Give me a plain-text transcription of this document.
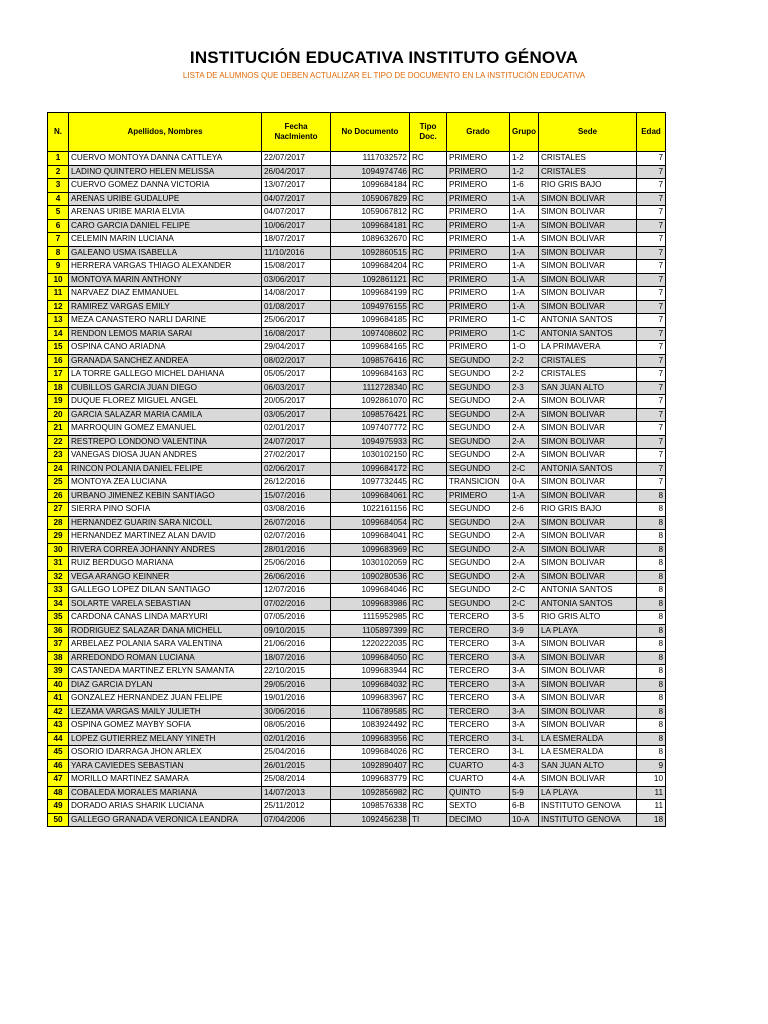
INSTITUCIÓN EDUCATIVA INSTITUTO GÉNOVA
LISTA DE ALUMNOS QUE DEBEN ACTUALIZAR EL TIPO DE DOCUMENTO EN LA INSTITUCIÓN EDUCATIVA
N.	Apellidos, Nombres	Fecha Naclmiento	No Documento	Tipo Doc.	Grado	Grupo	Sede	Edad
1	CUERVO MONTOYA DANNA CATTLEYA	22/07/2017	1117032572	RC	PRIMERO	1-2	CRISTALES	7
2	LADINO QUINTERO HELEN MELISSA	26/04/2017	1094974746	RC	PRIMERO	1-2	CRISTALES	7
3	CUERVO GOMEZ DANNA VICTORIA	13/07/2017	1099684184	RC	PRIMERO	1-6	RIO GRIS BAJO	7
4	ARENAS URIBE GUDALUPE	04/07/2017	1059067829	RC	PRIMERO	1-A	SIMON BOLIVAR	7
5	ARENAS URIBE MARIA ELVIA	04/07/2017	1059067812	RC	PRIMERO	1-A	SIMON BOLIVAR	7
6	CARO GARCIA DANIEL FELIPE	10/06/2017	1099684181	RC	PRIMERO	1-A	SIMON BOLIVAR	7
7	CELEMIN MARIN LUCIANA	18/07/2017	1089632670	RC	PRIMERO	1-A	SIMON BOLIVAR	7
8	GALEANO USMA ISABELLA	11/10/2016	1092860515	RC	PRIMERO	1-A	SIMON BOLIVAR	7
9	HERRERA VARGAS THIAGO ALEXANDER	15/08/2017	1099684204	RC	PRIMERO	1-A	SIMON BOLIVAR	7
10	MONTOYA MARIN ANTHONY	03/06/2017	1092861121	RC	PRIMERO	1-A	SIMON BOLIVAR	7
11	NARVAEZ DIAZ EMMANUEL	14/08/2017	1099684199	RC	PRIMERO	1-A	SIMON BOLIVAR	7
12	RAMIREZ VARGAS EMILY	01/08/2017	1094976155	RC	PRIMERO	1-A	SIMON BOLIVAR	7
13	MEZA CANASTERO NARLI DARINE	25/06/2017	1099684185	RC	PRIMERO	1-C	ANTONIA SANTOS	7
14	RENDON LEMOS MARIA SARAI	16/08/2017	1097408602	RC	PRIMERO	1-C	ANTONIA SANTOS	7
15	OSPINA CANO ARIADNA	29/04/2017	1099684165	RC	PRIMERO	1-O	LA PRIMAVERA	7
16	GRANADA SANCHEZ ANDREA	08/02/2017	1098576416	RC	SEGUNDO	2-2	CRISTALES	7
17	LA TORRE GALLEGO MICHEL DAHIANA	05/05/2017	1099684163	RC	SEGUNDO	2-2	CRISTALES	7
18	CUBILLOS GARCIA JUAN DIEGO	06/03/2017	1112728340	RC	SEGUNDO	2-3	SAN JUAN ALTO	7
19	DUQUE FLOREZ MIGUEL ANGEL	20/05/2017	1092861070	RC	SEGUNDO	2-A	SIMON BOLIVAR	7
20	GARCIA SALAZAR MARIA CAMILA	03/05/2017	1098576421	RC	SEGUNDO	2-A	SIMON BOLIVAR	7
21	MARROQUIN GOMEZ EMANUEL	02/01/2017	1097407772	RC	SEGUNDO	2-A	SIMON BOLIVAR	7
22	RESTREPO LONDONO VALENTINA	24/07/2017	1094975933	RC	SEGUNDO	2-A	SIMON BOLIVAR	7
23	VANEGAS DIOSA JUAN ANDRES	27/02/2017	1030102150	RC	SEGUNDO	2-A	SIMON BOLIVAR	7
24	RINCON POLANIA DANIEL FELIPE	02/06/2017	1099684172	RC	SEGUNDO	2-C	ANTONIA SANTOS	7
25	MONTOYA ZEA LUCIANA	26/12/2016	1097732445	RC	TRANSICION	0-A	SIMON BOLIVAR	7
26	URBANO JIMENEZ KEBIN SANTIAGO	15/07/2016	1099684061	RC	PRIMERO	1-A	SIMON BOLIVAR	8
27	SIERRA PINO SOFIA	03/08/2016	1022161156	RC	SEGUNDO	2-6	RIO GRIS BAJO	8
28	HERNANDEZ GUARIN SARA NICOLL	26/07/2016	1099684054	RC	SEGUNDO	2-A	SIMON BOLIVAR	8
29	HERNANDEZ MARTINEZ ALAN DAVID	02/07/2016	1099684041	RC	SEGUNDO	2-A	SIMON BOLIVAR	8
30	RIVERA CORREA JOHANNY ANDRES	28/01/2016	1099683969	RC	SEGUNDO	2-A	SIMON BOLIVAR	8
31	RUIZ BERDUGO MARIANA	25/06/2016	1030102059	RC	SEGUNDO	2-A	SIMON BOLIVAR	8
32	VEGA ARANGO KEINNER	26/06/2016	1090280536	RC	SEGUNDO	2-A	SIMON BOLIVAR	8
33	GALLEGO LOPEZ DILAN SANTIAGO	12/07/2016	1099684046	RC	SEGUNDO	2-C	ANTONIA SANTOS	8
34	SOLARTE VARELA SEBASTIAN	07/02/2016	1099683986	RC	SEGUNDO	2-C	ANTONIA SANTOS	8
35	CARDONA CANAS LINDA MARYURI	07/05/2016	1115952985	RC	TERCERO	3-5	RIO GRIS ALTO	8
36	RODRIGUEZ SALAZAR DANA MICHELL	09/10/2015	1105897399	RC	TERCERO	3-9	LA PLAYA	8
37	ARBELAEZ POLANIA SARA VALENTINA	21/06/2016	1220222035	RC	TERCERO	3-A	SIMON BOLIVAR	8
38	ARREDONDO ROMAN LUCIANA	18/07/2016	1099684050	RC	TERCERO	3-A	SIMON BOLIVAR	8
39	CASTANEDA MARTINEZ ERLYN SAMANTA	22/10/2015	1099683944	RC	TERCERO	3-A	SIMON BOLIVAR	8
40	DIAZ GARCIA DYLAN	29/05/2016	1099684032	RC	TERCERO	3-A	SIMON BOLIVAR	8
41	GONZALEZ HERNANDEZ JUAN FELIPE	19/01/2016	1099683967	RC	TERCERO	3-A	SIMON BOLIVAR	8
42	LEZAMA VARGAS MAILY JULIETH	30/06/2016	1106789585	RC	TERCERO	3-A	SIMON BOLIVAR	8
43	OSPINA GOMEZ MAYBY SOFIA	08/05/2016	1083924492	RC	TERCERO	3-A	SIMON BOLIVAR	8
44	LOPEZ GUTIERREZ MELANY YINETH	02/01/2016	1099683956	RC	TERCERO	3-L	LA ESMERALDA	8
45	OSORIO IDARRAGA JHON ARLEX	25/04/2016	1099684026	RC	TERCERO	3-L	LA ESMERALDA	8
46	YARA CAVIEDES SEBASTIAN	26/01/2015	1092890407	RC	CUARTO	4-3	SAN JUAN ALTO	9
47	MORILLO MARTINEZ SAMARA	25/08/2014	1099683779	RC	CUARTO	4-A	SIMON BOLIVAR	10
48	COBALEDA MORALES MARIANA	14/07/2013	1092856982	RC	QUINTO	5-9	LA PLAYA	11
49	DORADO ARIAS SHARIK LUCIANA	25/11/2012	1098576338	RC	SEXTO	6-B	INSTITUTO GENOVA	11
50	GALLEGO GRANADA VERONICA LEANDRA	07/04/2006	1092456238	TI	DECIMO	10-A	INSTITUTO GENOVA	18
